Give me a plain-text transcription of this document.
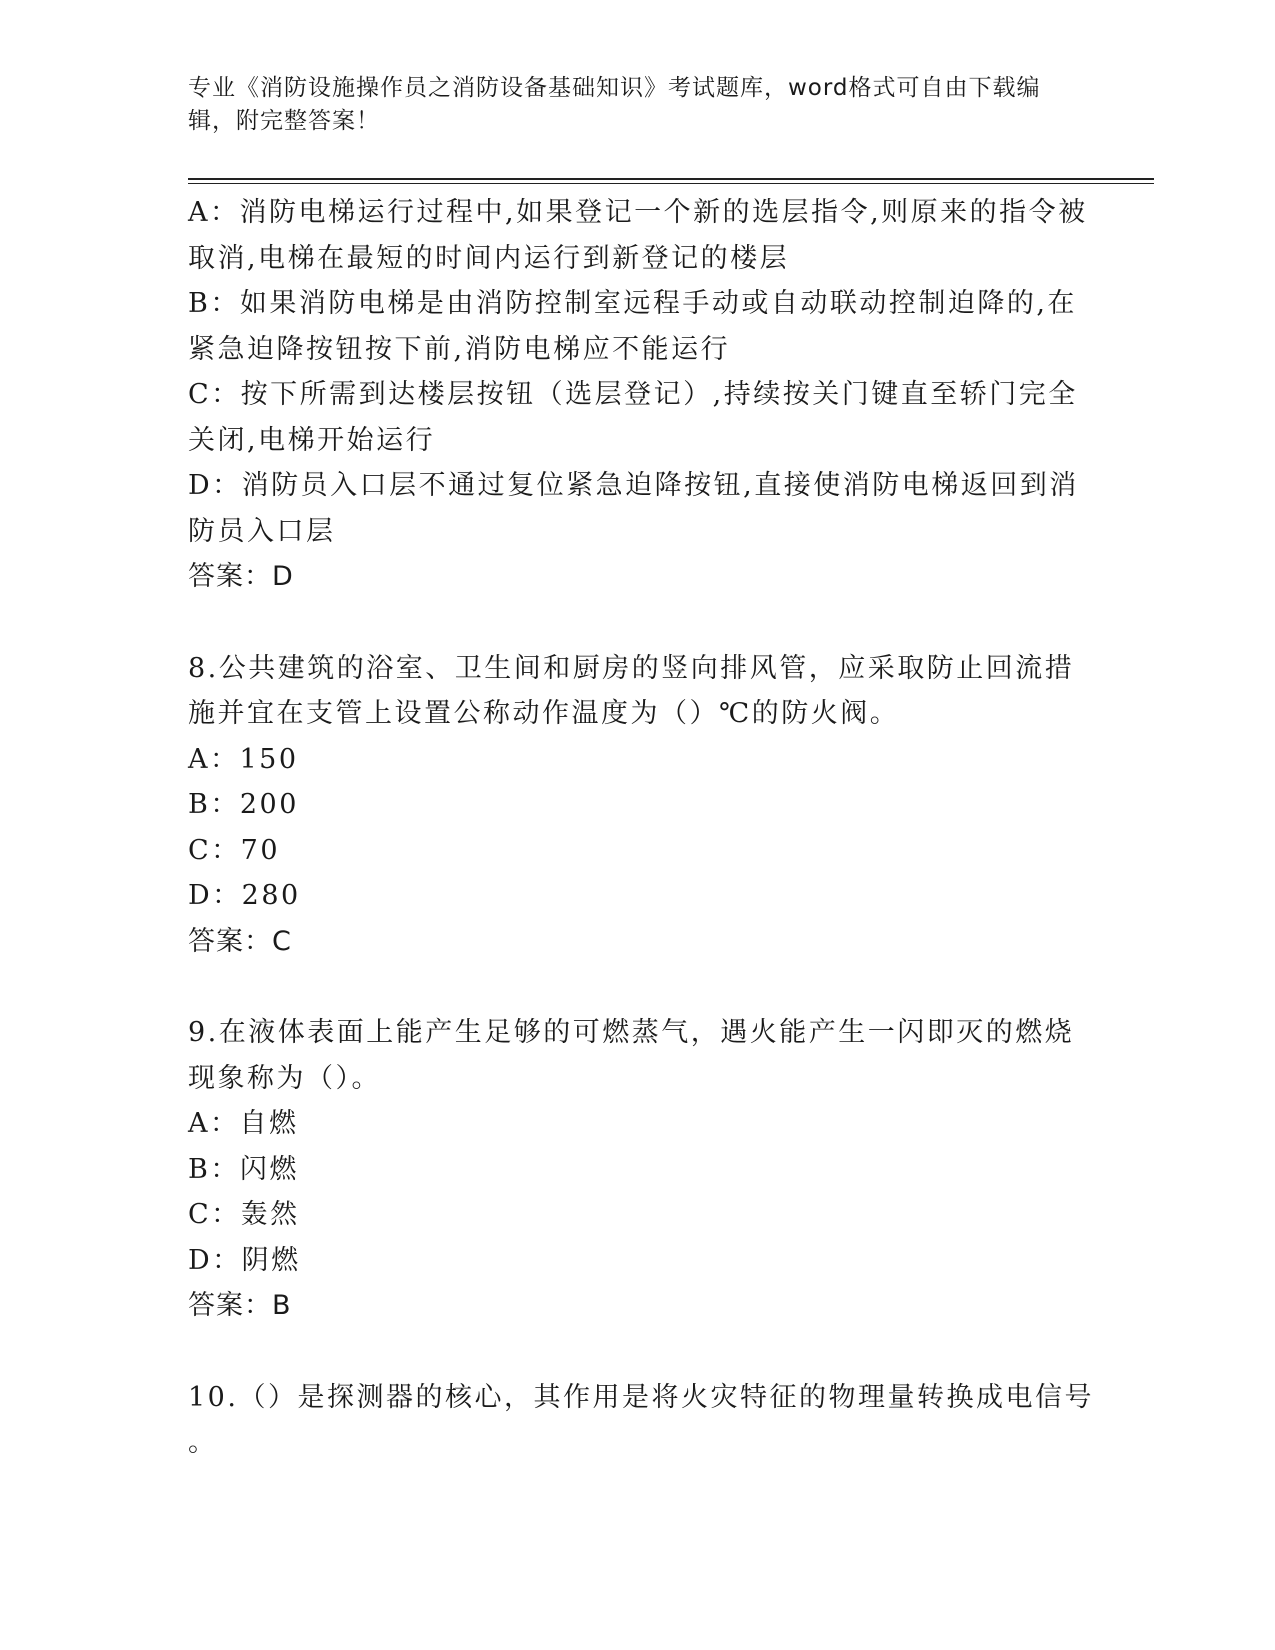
专业《消防设施操作员之消防设备基础知识》考试题库，word格式可自由下载编
辑，附完整答案！
A：消防电梯运行过程中,如果登记一个新的选层指令,则原来的指令被
取消,电梯在最短的时间内运行到新登记的楼层
B：如果消防电梯是由消防控制室远程手动或自动联动控制迫降的,在
紧急迫降按钮按下前,消防电梯应不能运行
C：按下所需到达楼层按钮（选层登记）,持续按关门键直至轿门完全
关闭,电梯开始运行
D：消防员入口层不通过复位紧急迫降按钮,直接使消防电梯返回到消
防员入口层
答案：D
8.公共建筑的浴室、卫生间和厨房的竖向排风管，应采取防止回流措
施并宜在支管上设置公称动作温度为（）℃的防火阀。
A：150
B：200
C：70
D：280
答案：C
9.在液体表面上能产生足够的可燃蒸气，遇火能产生一闪即灭的燃烧
现象称为（）。
A：自燃
B：闪燃
C：轰然
D：阴燃
答案：B
10.（）是探测器的核心，其作用是将火灾特征的物理量转换成电信号
。
